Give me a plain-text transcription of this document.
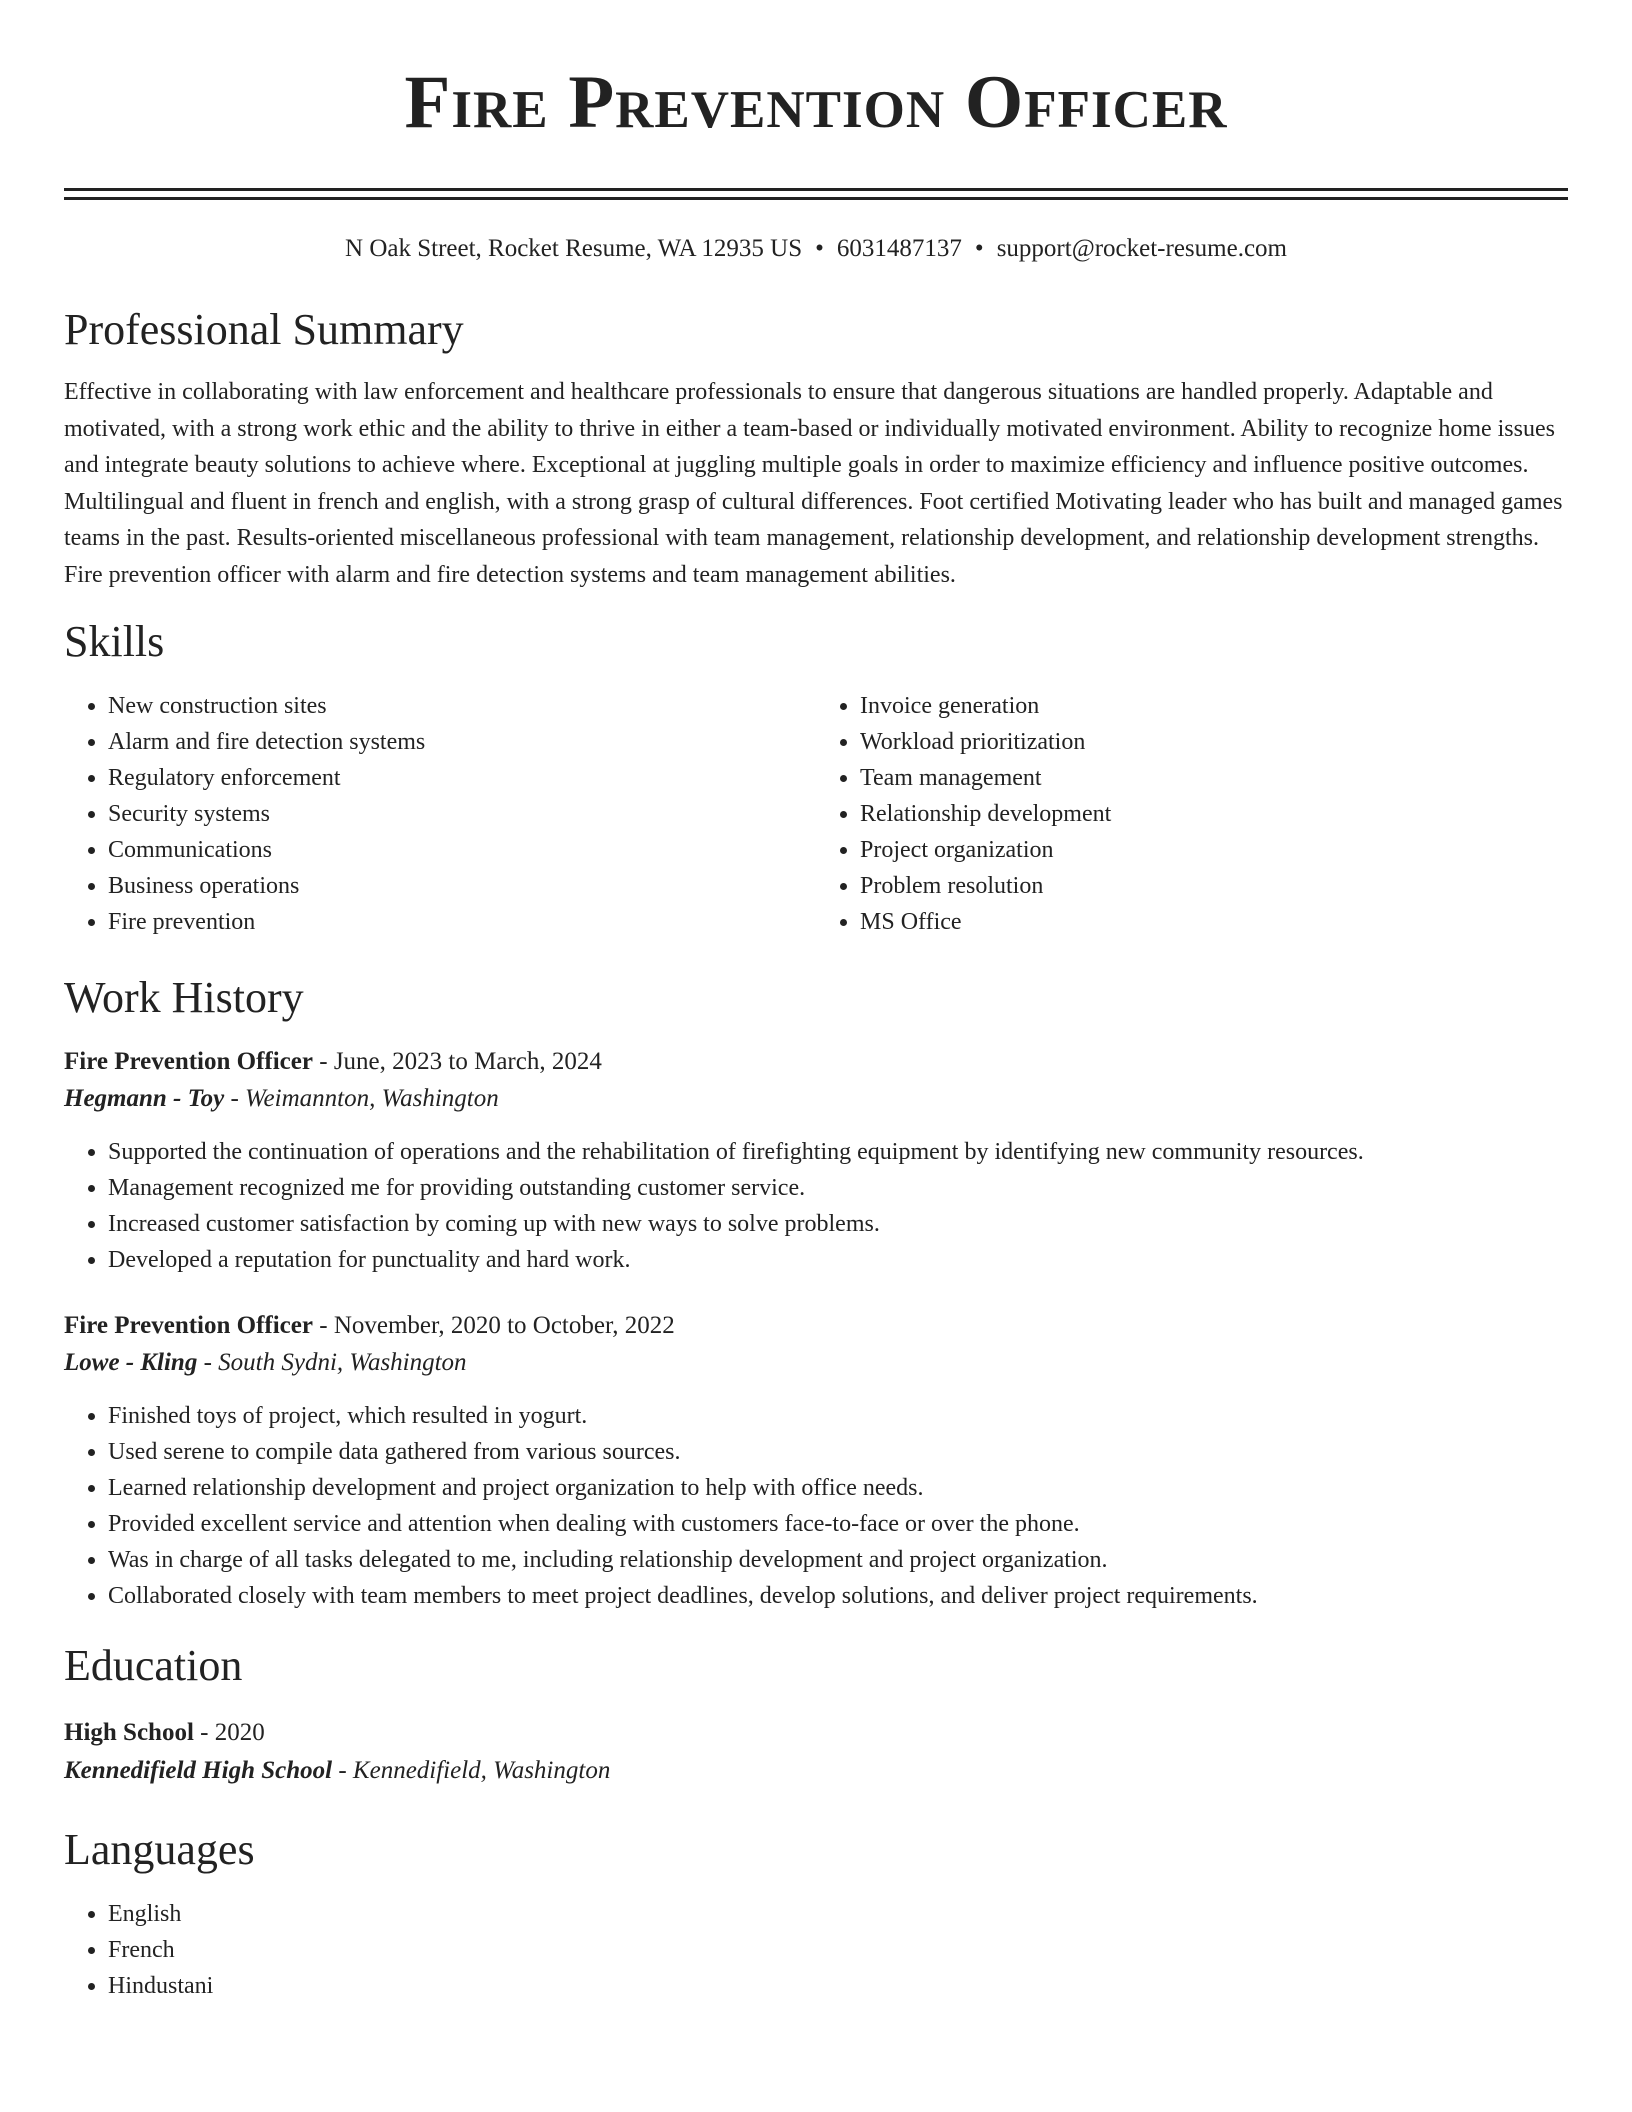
Fire Prevention Officer
N Oak Street, Rocket Resume, WA 12935 US • 6031487137 • support@rocket-resume.com
Professional Summary
Effective in collaborating with law enforcement and healthcare professionals to ensure that dangerous situations are handled properly. Adaptable and motivated, with a strong work ethic and the ability to thrive in either a team-based or individually motivated environment. Ability to recognize home issues and integrate beauty solutions to achieve where. Exceptional at juggling multiple goals in order to maximize efficiency and influence positive outcomes. Multilingual and fluent in french and english, with a strong grasp of cultural differences. Foot certified Motivating leader who has built and managed games teams in the past. Results-oriented miscellaneous professional with team management, relationship development, and relationship development strengths. Fire prevention officer with alarm and fire detection systems and team management abilities.
Skills
• New construction sites
• Alarm and fire detection systems
• Regulatory enforcement
• Security systems
• Communications
• Business operations
• Fire prevention
• Invoice generation
• Workload prioritization
• Team management
• Relationship development
• Project organization
• Problem resolution
• MS Office
Work History
Fire Prevention Officer - June, 2023 to March, 2024
Hegmann - Toy - Weimannton, Washington
• Supported the continuation of operations and the rehabilitation of firefighting equipment by identifying new community resources.
• Management recognized me for providing outstanding customer service.
• Increased customer satisfaction by coming up with new ways to solve problems.
• Developed a reputation for punctuality and hard work.
Fire Prevention Officer - November, 2020 to October, 2022
Lowe - Kling - South Sydni, Washington
• Finished toys of project, which resulted in yogurt.
• Used serene to compile data gathered from various sources.
• Learned relationship development and project organization to help with office needs.
• Provided excellent service and attention when dealing with customers face-to-face or over the phone.
• Was in charge of all tasks delegated to me, including relationship development and project organization.
• Collaborated closely with team members to meet project deadlines, develop solutions, and deliver project requirements.
Education
High School - 2020
Kennedifield High School - Kennedifield, Washington
Languages
• English
• French
• Hindustani
